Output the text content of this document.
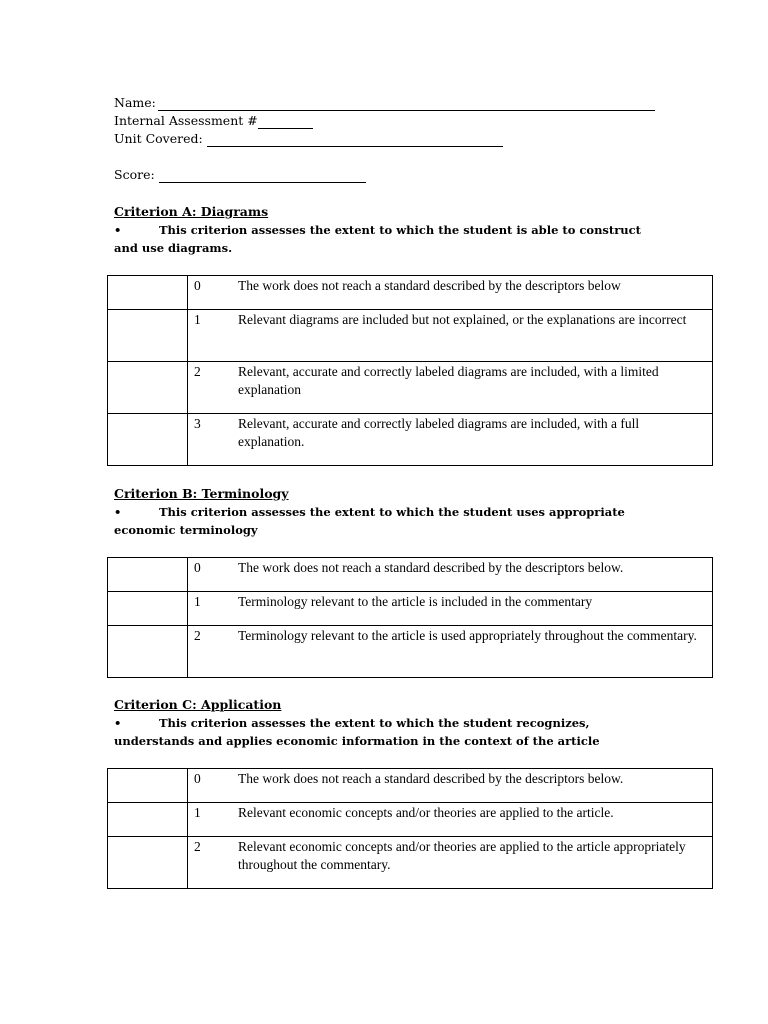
Name:
Internal Assessment #
Unit Covered:
Score:
Criterion A: Diagrams
•	This criterion assesses the extent to which the student is able to construct
and use diagrams.

	0 The work does not reach a standard described by the descriptors below

	1 Relevant diagrams are included but not explained, or the explanations are incorrect

	2 Relevant, accurate and correctly labeled diagrams are included, with a limited explanation

	3 Relevant, accurate and correctly labeled diagrams are included, with a full explanation.
Criterion B: Terminology
•	This criterion assesses the extent to which the student uses appropriate
economic terminology

	0 The work does not reach a standard described by the descriptors below.

	1 Terminology relevant to the article is included in the commentary

	2 Terminology relevant to the article is used appropriately throughout the commentary.
Criterion C: Application
•	This criterion assesses the extent to which the student recognizes,
understands and applies economic information in the context of the article

	0 The work does not reach a standard described by the descriptors below.

	1 Relevant economic concepts and/or theories are applied to the article.

	2 Relevant economic concepts and/or theories are applied to the article appropriately throughout the commentary.
